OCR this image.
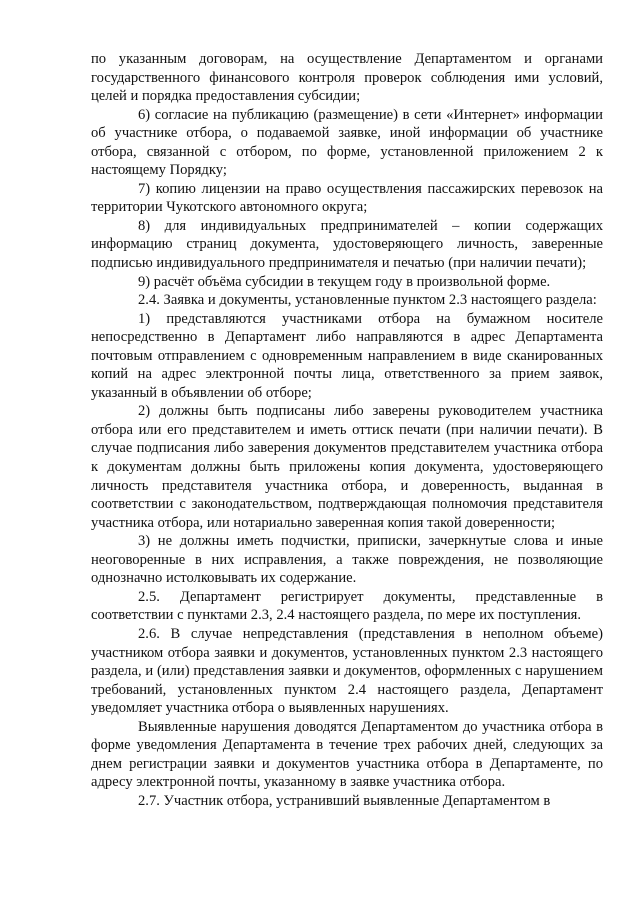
по указанным договорам, на осуществление Департаментом и органами государственного финансового контроля проверок соблюдения ими условий, целей и порядка предоставления субсидии;

6) согласие на публикацию (размещение) в сети «Интернет» информации об участнике отбора, о подаваемой заявке, иной информации об участнике отбора, связанной с отбором, по форме, установленной приложением 2 к настоящему Порядку;

7) копию лицензии на право осуществления пассажирских перевозок на территории Чукотского автономного округа;

8) для индивидуальных предпринимателей – копии содержащих информацию страниц документа, удостоверяющего личность, заверенные подписью индивидуального предпринимателя и печатью (при наличии печати);

9) расчёт объёма субсидии в текущем году в произвольной форме.

2.4. Заявка и документы, установленные пунктом 2.3 настоящего раздела:

1) представляются участниками отбора на бумажном носителе непосредственно в Департамент либо направляются в адрес Департамента почтовым отправлением с одновременным направлением в виде сканированных копий на адрес электронной почты лица, ответственного за прием заявок, указанный в объявлении об отборе;

2) должны быть подписаны либо заверены руководителем участника отбора или его представителем и иметь оттиск печати (при наличии печати). В случае подписания либо заверения документов представителем участника отбора к документам должны быть приложены копия документа, удостоверяющего личность представителя участника отбора, и доверенность, выданная в соответствии с законодательством, подтверждающая полномочия представителя участника отбора, или нотариально заверенная копия такой доверенности;

3) не должны иметь подчистки, приписки, зачеркнутые слова и иные неоговоренные в них исправления, а также повреждения, не позволяющие однозначно истолковывать их содержание.

2.5. Департамент регистрирует документы, представленные в соответствии с пунктами 2.3, 2.4 настоящего раздела, по мере их поступления.

2.6. В случае непредставления (представления в неполном объеме) участником отбора заявки и документов, установленных пунктом 2.3 настоящего раздела, и (или) представления заявки и документов, оформленных с нарушением требований, установленных пунктом 2.4 настоящего раздела, Департамент уведомляет участника отбора о выявленных нарушениях.

Выявленные нарушения доводятся Департаментом до участника отбора в форме уведомления Департамента в течение трех рабочих дней, следующих за днем регистрации заявки и документов участника отбора в Департаменте, по адресу электронной почты, указанному в заявке участника отбора.

2.7. Участник отбора, устранивший выявленные Департаментом в
